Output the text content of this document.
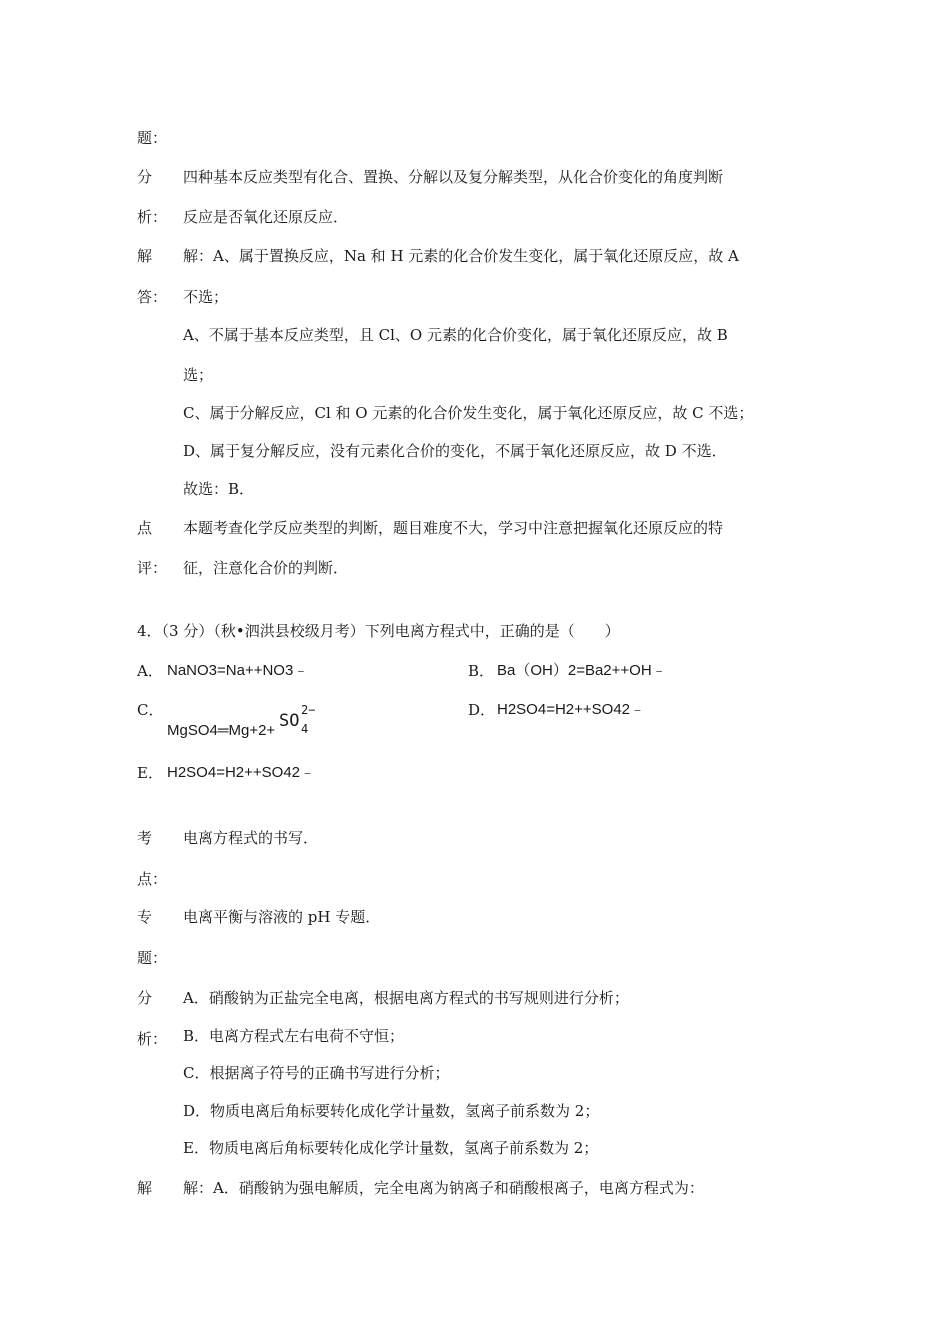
题：
分 四种基本反应类型有化合、置换、分解以及复分解类型，从化合价变化的角度判断
析： 反应是否氧化还原反应．
解 解：A、属于置换反应，Na 和 H 元素的化合价发生变化，属于氧化还原反应，故 A
答： 不选；
A、不属于基本反应类型，且 Cl、O 元素的化合价变化，属于氧化还原反应，故 B
选；
C、属于分解反应，Cl 和 O 元素的化合价发生变化，属于氧化还原反应，故 C 不选；
D、属于复分解反应，没有元素化合价的变化，不属于氧化还原反应，故 D 不选．
故选：B．
点 本题考查化学反应类型的判断，题目难度不大，学习中注意把握氧化还原反应的特
评： 征，注意化合价的判断．
4．（3 分）（秋•泗洪县校级月考）下列电离方程式中，正确的是（　　）
A． NaNO3=Na++NO3﹣	B． Ba（OH）2=Ba2++OH﹣
C．
MgSO4═Mg+2+ SO
2−
4
D． H2SO4=H2++SO42﹣
E． H2SO4=H2++SO42﹣
考 电离方程式的书写．
点：
专 电离平衡与溶液的 pH 专题．
题：
分 A．硝酸钠为正盐完全电离，根据电离方程式的书写规则进行分析；
析： B．电离方程式左右电荷不守恒；
C．根据离子符号的正确书写进行分析；
D．物质电离后角标要转化成化学计量数，氢离子前系数为 2；
E．物质电离后角标要转化成化学计量数，氢离子前系数为 2；
解 解：A．硝酸钠为强电解质，完全电离为钠离子和硝酸根离子，电离方程式为：
